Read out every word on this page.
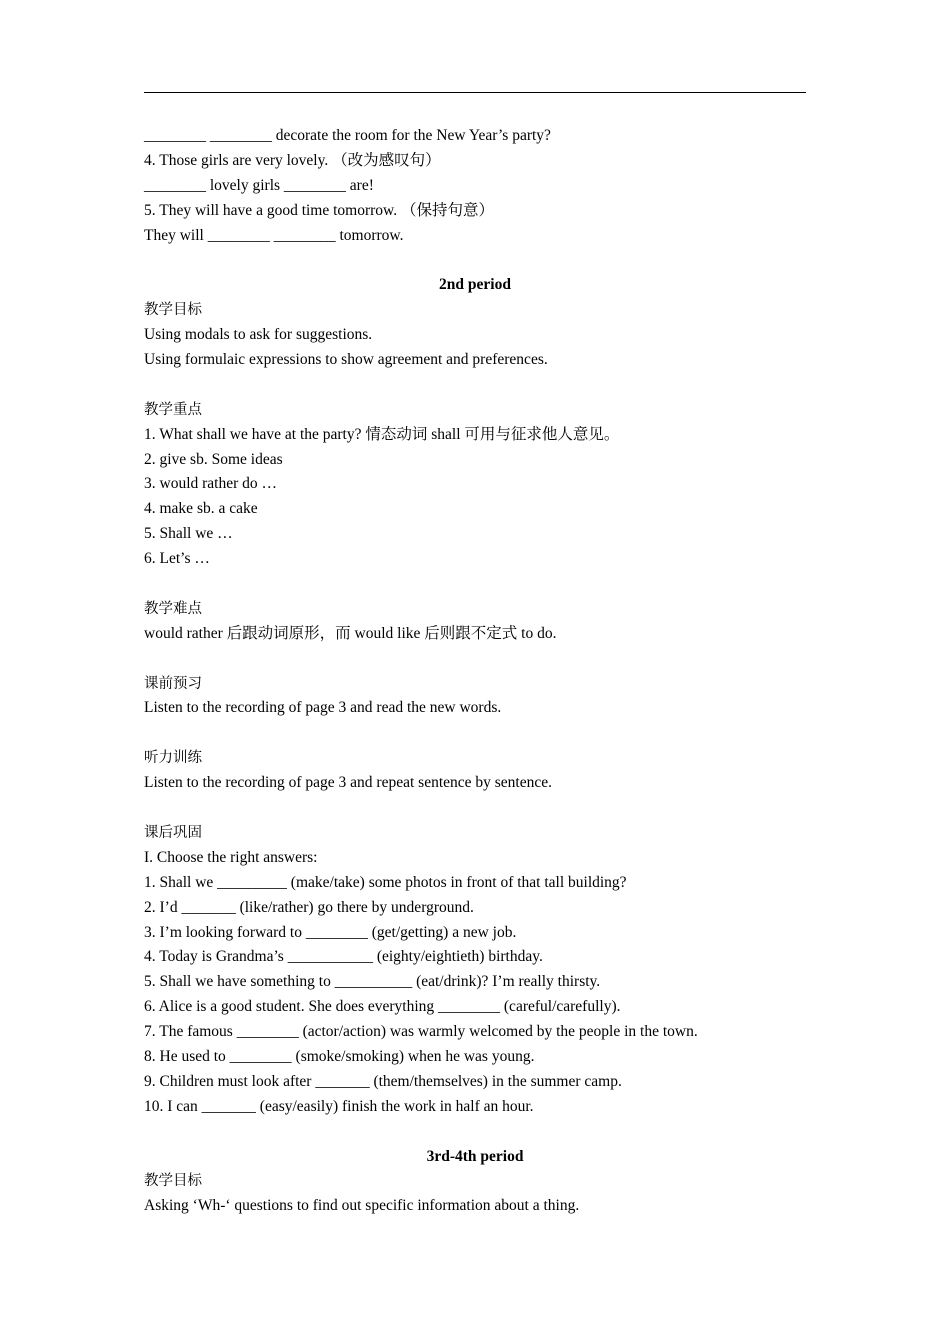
________ ________ decorate the room for the New Year’s party?
4. Those girls are very lovely. （改为感叹句）
________ lovely girls ________ are!
5. They will have a good time tomorrow. （保持句意）
They will ________ ________ tomorrow.
2nd period
教学目标
Using modals to ask for suggestions.
Using formulaic expressions to show agreement and preferences.
教学重点
1. What shall we have at the party? 情态动词 shall 可用与征求他人意见。
2. give sb. Some ideas
3. would rather do …
4. make sb. a cake
5. Shall we …
6. Let’s …
教学难点
would rather 后跟动词原形，而 would like 后则跟不定式 to do.
课前预习
Listen to the recording of page 3 and read the new words.
听力训练
Listen to the recording of page 3 and repeat sentence by sentence.
课后巩固
I. Choose the right answers:
1. Shall we _________ (make/take) some photos in front of that tall building?
2. I’d _______ (like/rather) go there by underground.
3. I’m looking forward to ________ (get/getting) a new job.
4. Today is Grandma’s ___________ (eighty/eightieth) birthday.
5. Shall we have something to __________ (eat/drink)? I’m really thirsty.
6. Alice is a good student. She does everything ________ (careful/carefully).
7. The famous ________ (actor/action) was warmly welcomed by the people in the town.
8. He used to ________ (smoke/smoking) when he was young.
9. Children must look after _______ (them/themselves) in the summer camp.
10. I can _______ (easy/easily) finish the work in half an hour.
3rd-4th period
教学目标
Asking ‘Wh-‘ questions to find out specific information about a thing.
